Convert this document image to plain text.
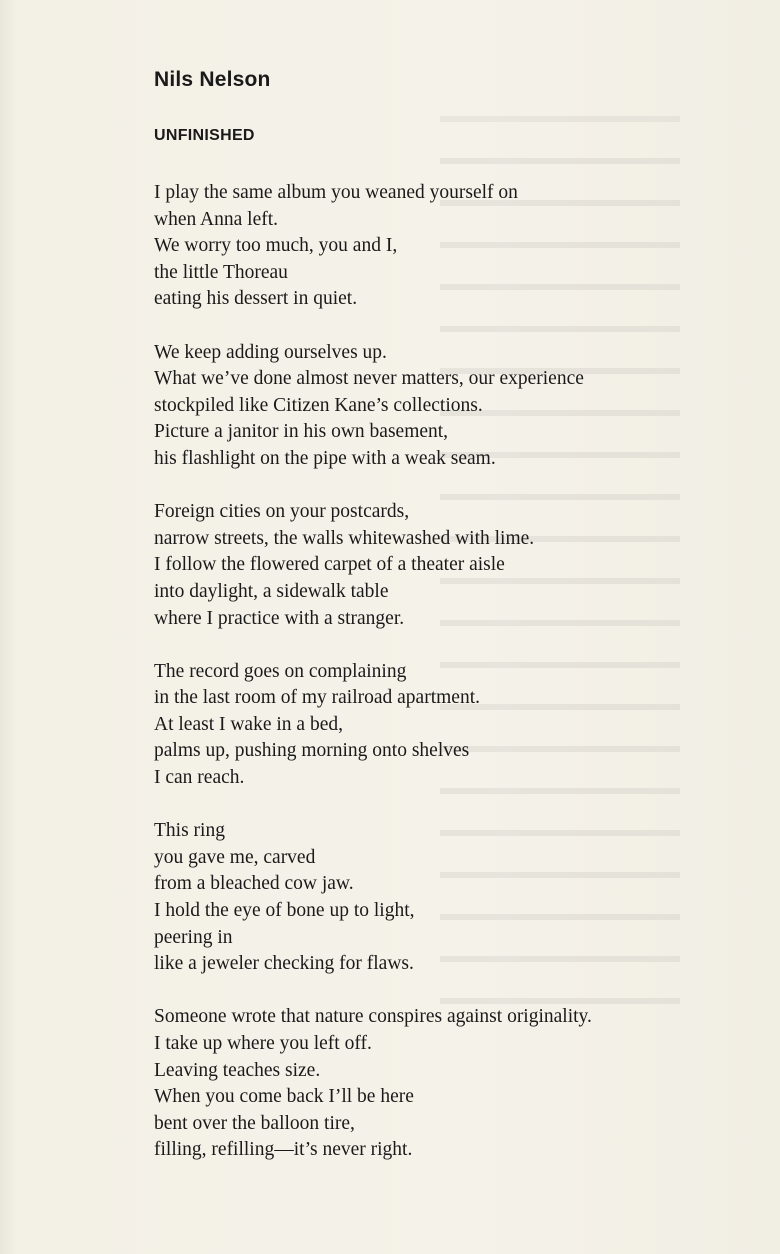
Nils Nelson
UNFINISHED
I play the same album you weaned yourself on
when Anna left.
We worry too much, you and I,
the little Thoreau
eating his dessert in quiet.
We keep adding ourselves up.
What we’ve done almost never matters, our experience
stockpiled like Citizen Kane’s collections.
Picture a janitor in his own basement,
his flashlight on the pipe with a weak seam.
Foreign cities on your postcards,
narrow streets, the walls whitewashed with lime.
I follow the flowered carpet of a theater aisle
into daylight, a sidewalk table
where I practice with a stranger.
The record goes on complaining
in the last room of my railroad apartment.
At least I wake in a bed,
palms up, pushing morning onto shelves
I can reach.
This ring
you gave me, carved
from a bleached cow jaw.
I hold the eye of bone up to light,
peering in
like a jeweler checking for flaws.
Someone wrote that nature conspires against originality.
I take up where you left off.
Leaving teaches size.
When you come back I’ll be here
bent over the balloon tire,
filling, refilling—it’s never right.
